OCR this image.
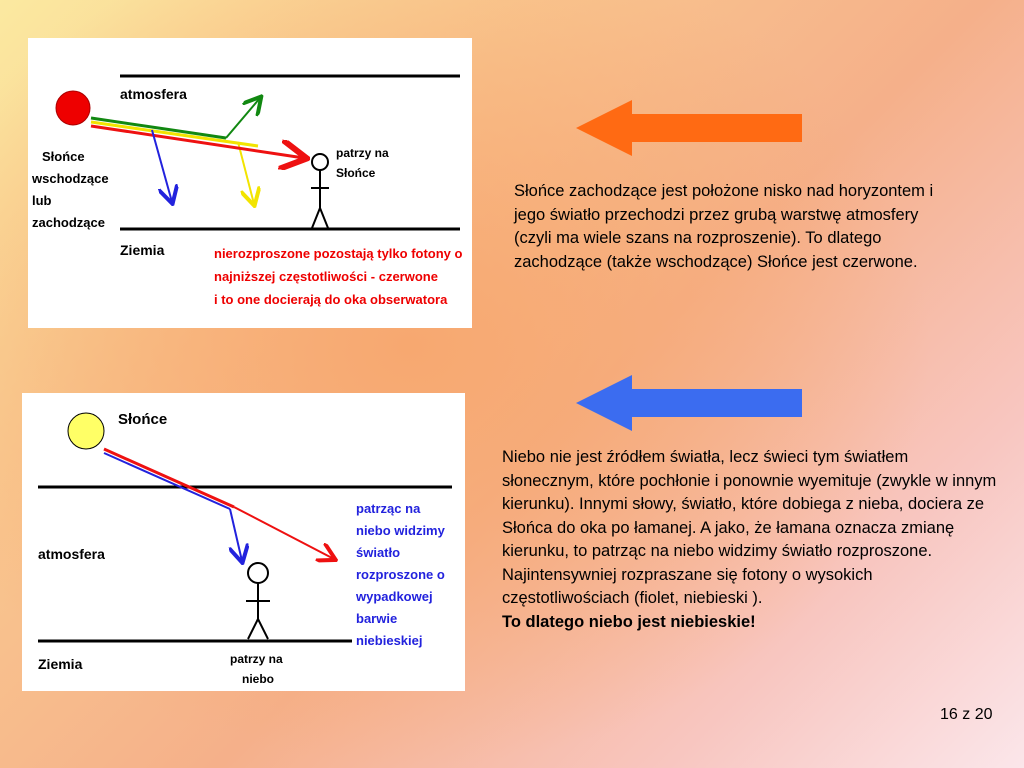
atmosfera
Słońce wschodzące lub zachodzące
patrzy na Słońce
Ziemia	nierozproszone pozostają tylko fotony o najniższej częstotliwości - czerwone i to one docierają do oka obserwatora
Słońce zachodzące jest położone nisko nad horyzontem i jego światło przechodzi przez grubą warstwę atmosfery (czyli ma wiele szans na rozproszenie). To dlatego zachodzące (także wschodzące) Słońce jest czerwone.
Słońce
atmosfera
Ziemia	patrzy na niebo
patrząc na niebo widzimy światło rozproszone o wypadkowej barwie niebieskiej
Niebo nie jest źródłem światła, lecz świeci tym światłem słonecznym, które pochłonie i ponownie wyemituje (zwykle w innym kierunku). Innymi słowy, światło, które dobiega z nieba, dociera ze Słońca do oka po łamanej. A jako, że łamana oznacza zmianę kierunku, to patrząc na niebo widzimy światło rozproszone. Najintensywniej rozpraszane się fotony o wysokich częstotliwościach (fiolet, niebieski ).
To dlatego niebo jest niebieskie!
16 z 20
